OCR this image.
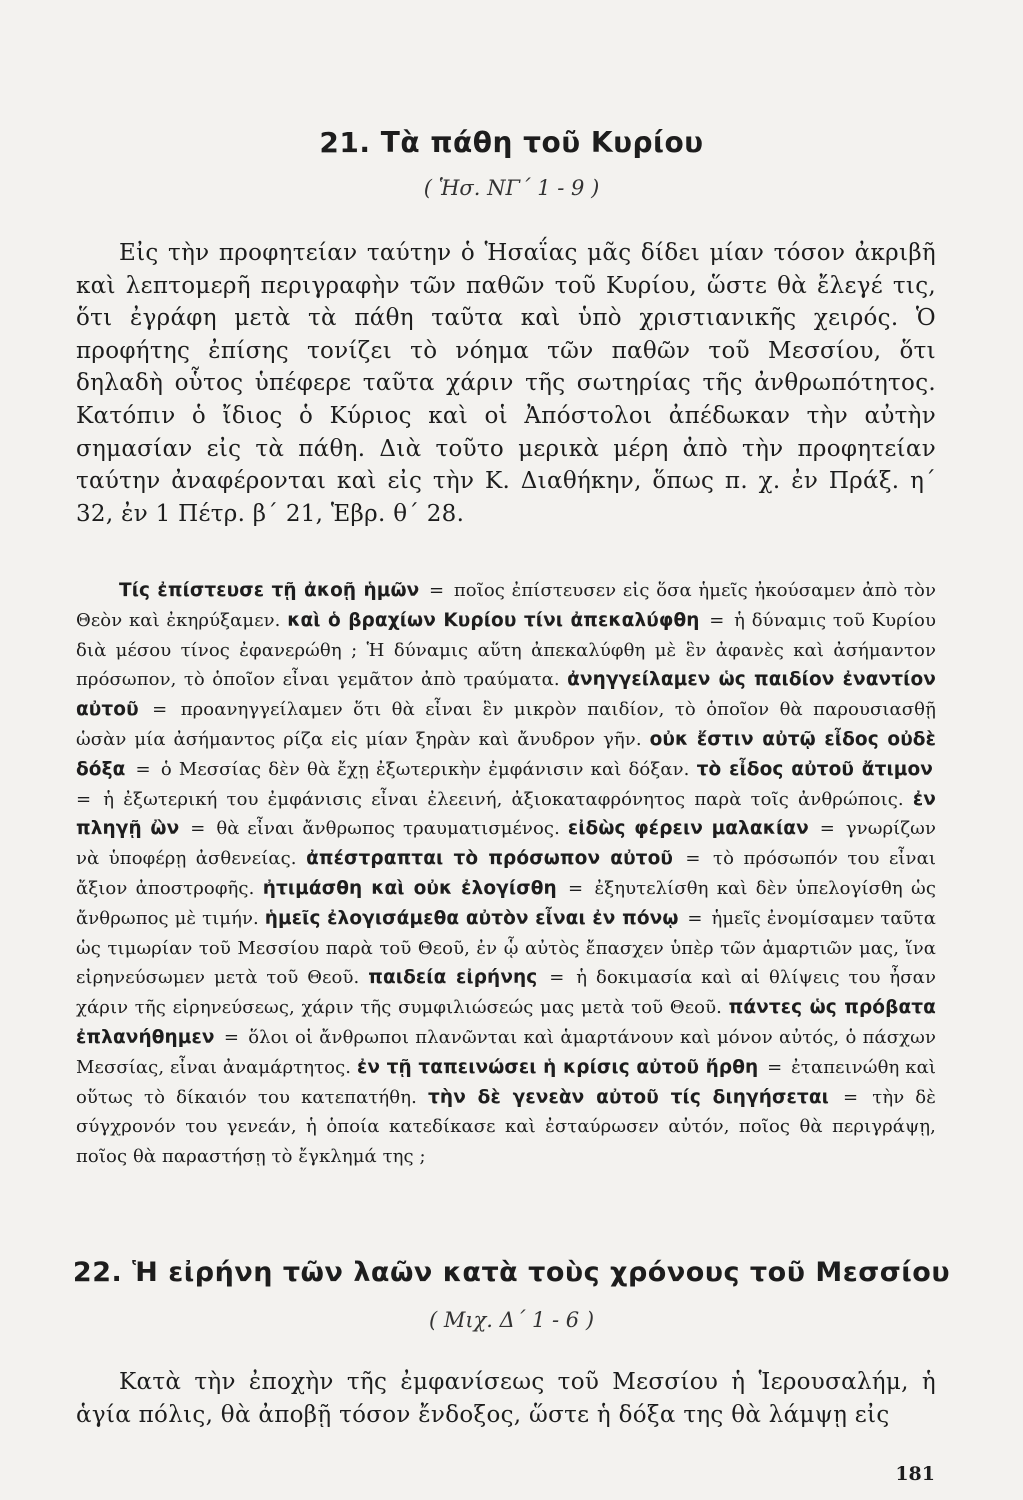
21. Τὰ πάθη τοῦ Κυρίου
( Ἡσ. ΝΓ΄ 1 - 9 )

Εἰς τὴν προφητείαν ταύτην ὁ Ἡσαΐας μᾶς δίδει μίαν τόσον ἀκριβῆ καὶ λεπτομερῆ περιγραφὴν τῶν παθῶν τοῦ Κυρίου, ὥστε θὰ ἔλεγέ τις, ὅτι ἐγράφη μετὰ τὰ πάθη ταῦτα καὶ ὑπὸ χριστιανικῆς χειρός. Ὁ προφήτης ἐπίσης τονίζει τὸ νόημα τῶν παθῶν τοῦ Μεσσίου, ὅτι δηλαδὴ οὗτος ὑπέφερε ταῦτα χάριν τῆς σωτηρίας τῆς ἀνθρωπότητος. Κατόπιν ὁ ἴδιος ὁ Κύριος καὶ οἱ Ἀπόστολοι ἀπέδωκαν τὴν αὐτὴν σημασίαν εἰς τὰ πάθη. Διὰ τοῦτο μερικὰ μέρη ἀπὸ τὴν προφητείαν ταύτην ἀναφέρονται καὶ εἰς τὴν Κ. Διαθήκην, ὅπως π. χ. ἐν Πράξ. η΄ 32, ἐν 1 Πέτρ. β΄ 21, Ἑβρ. θ΄ 28.

Τίς ἐπίστευσε τῇ ἀκοῇ ἡμῶν = ποῖος ἐπίστευσεν εἰς ὅσα ἡμεῖς ἠκούσαμεν ἀπὸ τὸν Θεὸν καὶ ἐκηρύξαμεν. καὶ ὁ βραχίων Κυρίου τίνι ἀπεκαλύφθη = ἡ δύναμις τοῦ Κυρίου διὰ μέσου τίνος ἐφανερώθη ; Ἡ δύναμις αὕτη ἀπεκαλύφθη μὲ ἓν ἀφανὲς καὶ ἀσήμαντον πρόσωπον, τὸ ὁποῖον εἶναι γεμᾶτον ἀπὸ τραύματα. ἀνηγγείλαμεν ὡς παιδίον ἐναντίον αὐτοῦ = προανηγγείλαμεν ὅτι θὰ εἶναι ἓν μικρὸν παιδίον, τὸ ὁποῖον θὰ παρουσιασθῇ ὡσὰν μία ἀσήμαντος ρίζα εἰς μίαν ξηρὰν καὶ ἄνυδρον γῆν. οὐκ ἔστιν αὐτῷ εἶδος οὐδὲ δόξα = ὁ Μεσσίας δὲν θὰ ἔχῃ ἐξωτερικὴν ἐμφάνισιν καὶ δόξαν. τὸ εἶδος αὐτοῦ ἄτιμον = ἡ ἐξωτερική του ἐμφάνισις εἶναι ἐλεεινή, ἀξιοκαταφρόνητος παρὰ τοῖς ἀνθρώποις. ἐν πληγῇ ὢν = θὰ εἶναι ἄνθρωπος τραυματισμένος. εἰδὼς φέρειν μαλακίαν = γνωρίζων νὰ ὑποφέρῃ ἀσθενείας. ἀπέστραπται τὸ πρόσωπον αὐτοῦ = τὸ πρόσωπόν του εἶναι ἄξιον ἀποστροφῆς. ἠτιμάσθη καὶ οὐκ ἐλογίσθη = ἐξηυτελίσθη καὶ δὲν ὑπελογίσθη ὡς ἄνθρωπος μὲ τιμήν. ἡμεῖς ἐλογισάμεθα αὐτὸν εἶναι ἐν πόνῳ = ἡμεῖς ἐνομίσαμεν ταῦτα ὡς τιμωρίαν τοῦ Μεσσίου παρὰ τοῦ Θεοῦ, ἐν ᾧ αὐτὸς ἔπασχεν ὑπὲρ τῶν ἁμαρτιῶν μας, ἵνα εἰρηνεύσωμεν μετὰ τοῦ Θεοῦ. παιδεία εἰρήνης = ἡ δοκιμασία καὶ αἱ θλίψεις του ἦσαν χάριν τῆς εἰρηνεύσεως, χάριν τῆς συμφιλιώσεώς μας μετὰ τοῦ Θεοῦ. πάντες ὡς πρόβατα ἐπλανήθημεν = ὅλοι οἱ ἄνθρωποι πλανῶνται καὶ ἁμαρτάνουν καὶ μόνον αὐτός, ὁ πάσχων Μεσσίας, εἶναι ἀναμάρτητος. ἐν τῇ ταπεινώσει ἡ κρίσις αὐτοῦ ἤρθη = ἐταπεινώθη καὶ οὕτως τὸ δίκαιόν του κατεπατήθη. τὴν δὲ γενεὰν αὐτοῦ τίς διηγήσεται = τὴν δὲ σύγχρονόν του γενεάν, ἡ ὁποία κατεδίκασε καὶ ἐσταύρωσεν αὐτόν, ποῖος θὰ περιγράψῃ, ποῖος θὰ παραστήσῃ τὸ ἔγκλημά της ;

22. Ἡ εἰρήνη τῶν λαῶν κατὰ τοὺς χρόνους τοῦ Μεσσίου
( Μιχ. Δ΄ 1 - 6 )

Κατὰ τὴν ἐποχὴν τῆς ἐμφανίσεως τοῦ Μεσσίου ἡ Ἱερουσαλήμ, ἡ ἁγία πόλις, θὰ ἀποβῇ τόσον ἔνδοξος, ὥστε ἡ δόξα της θὰ λάμψῃ εἰς

181
